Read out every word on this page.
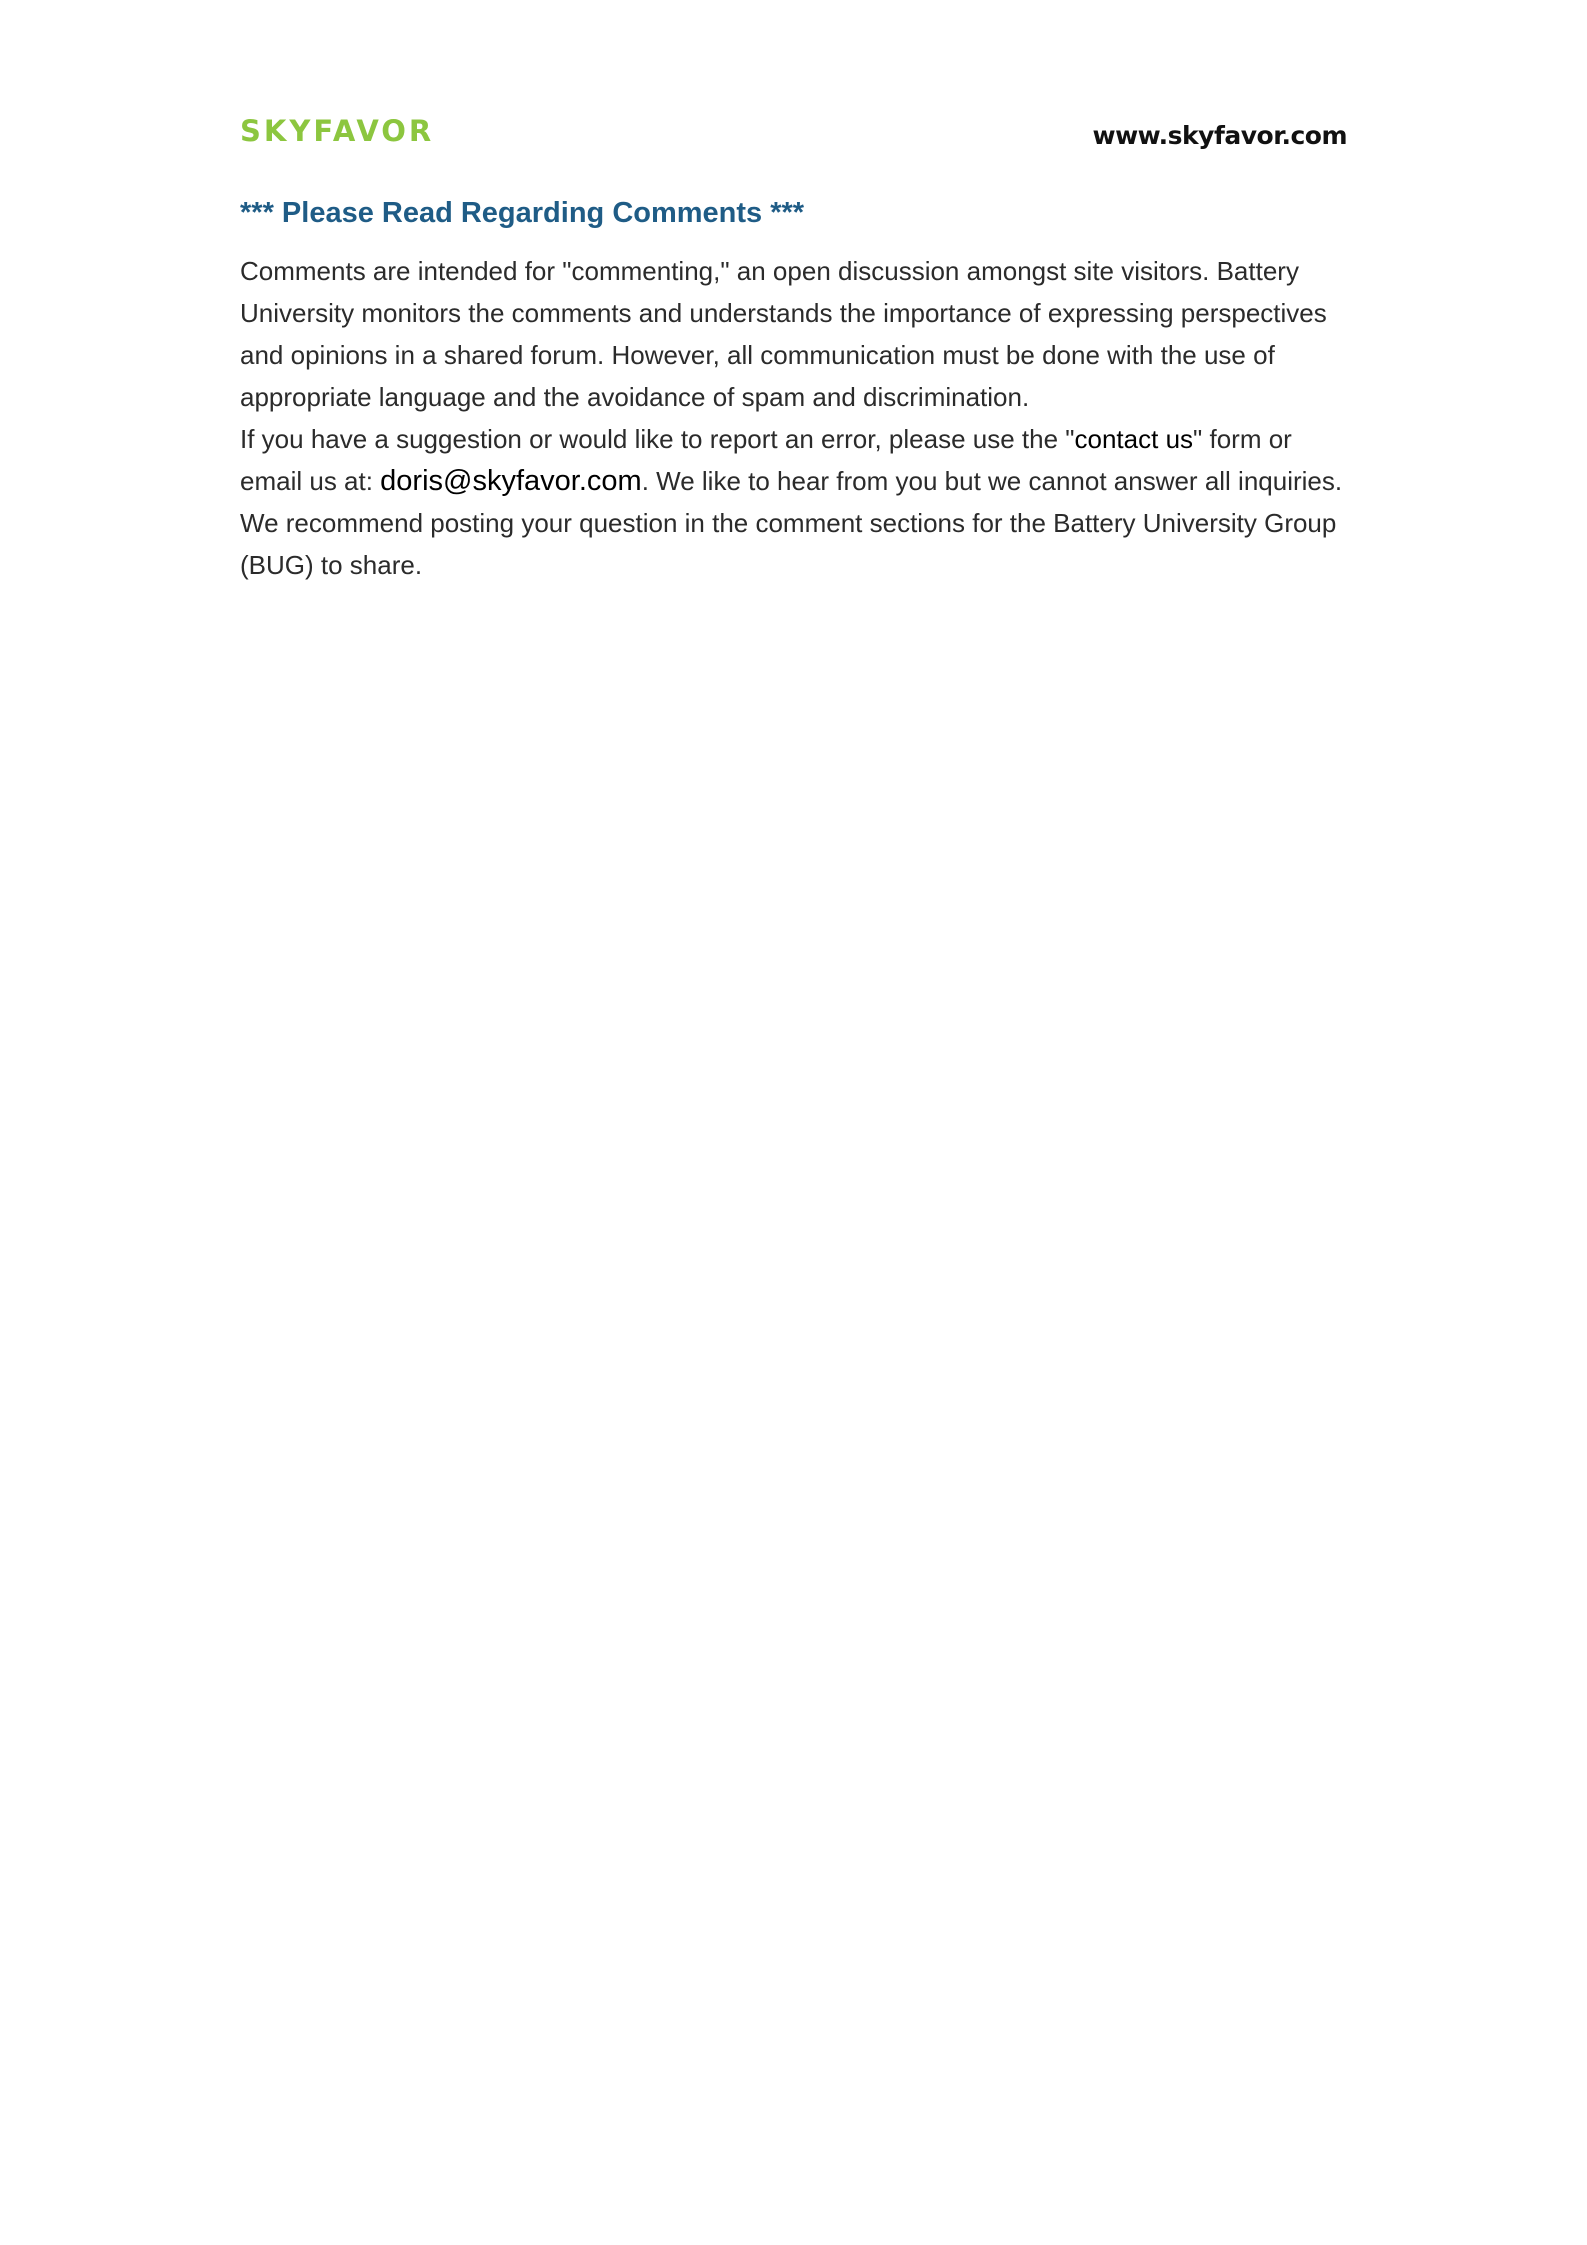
SKYFAVOR	www.skyfavor.com
*** Please Read Regarding Comments ***

Comments are intended for "commenting," an open discussion amongst site visitors. Battery University monitors the comments and understands the importance of expressing perspectives and opinions in a shared forum. However, all communication must be done with the use of appropriate language and the avoidance of spam and discrimination.

If you have a suggestion or would like to report an error, please use the "contact us" form or email us at: doris@skyfavor.com. We like to hear from you but we cannot answer all inquiries. We recommend posting your question in the comment sections for the Battery University Group (BUG) to share.
